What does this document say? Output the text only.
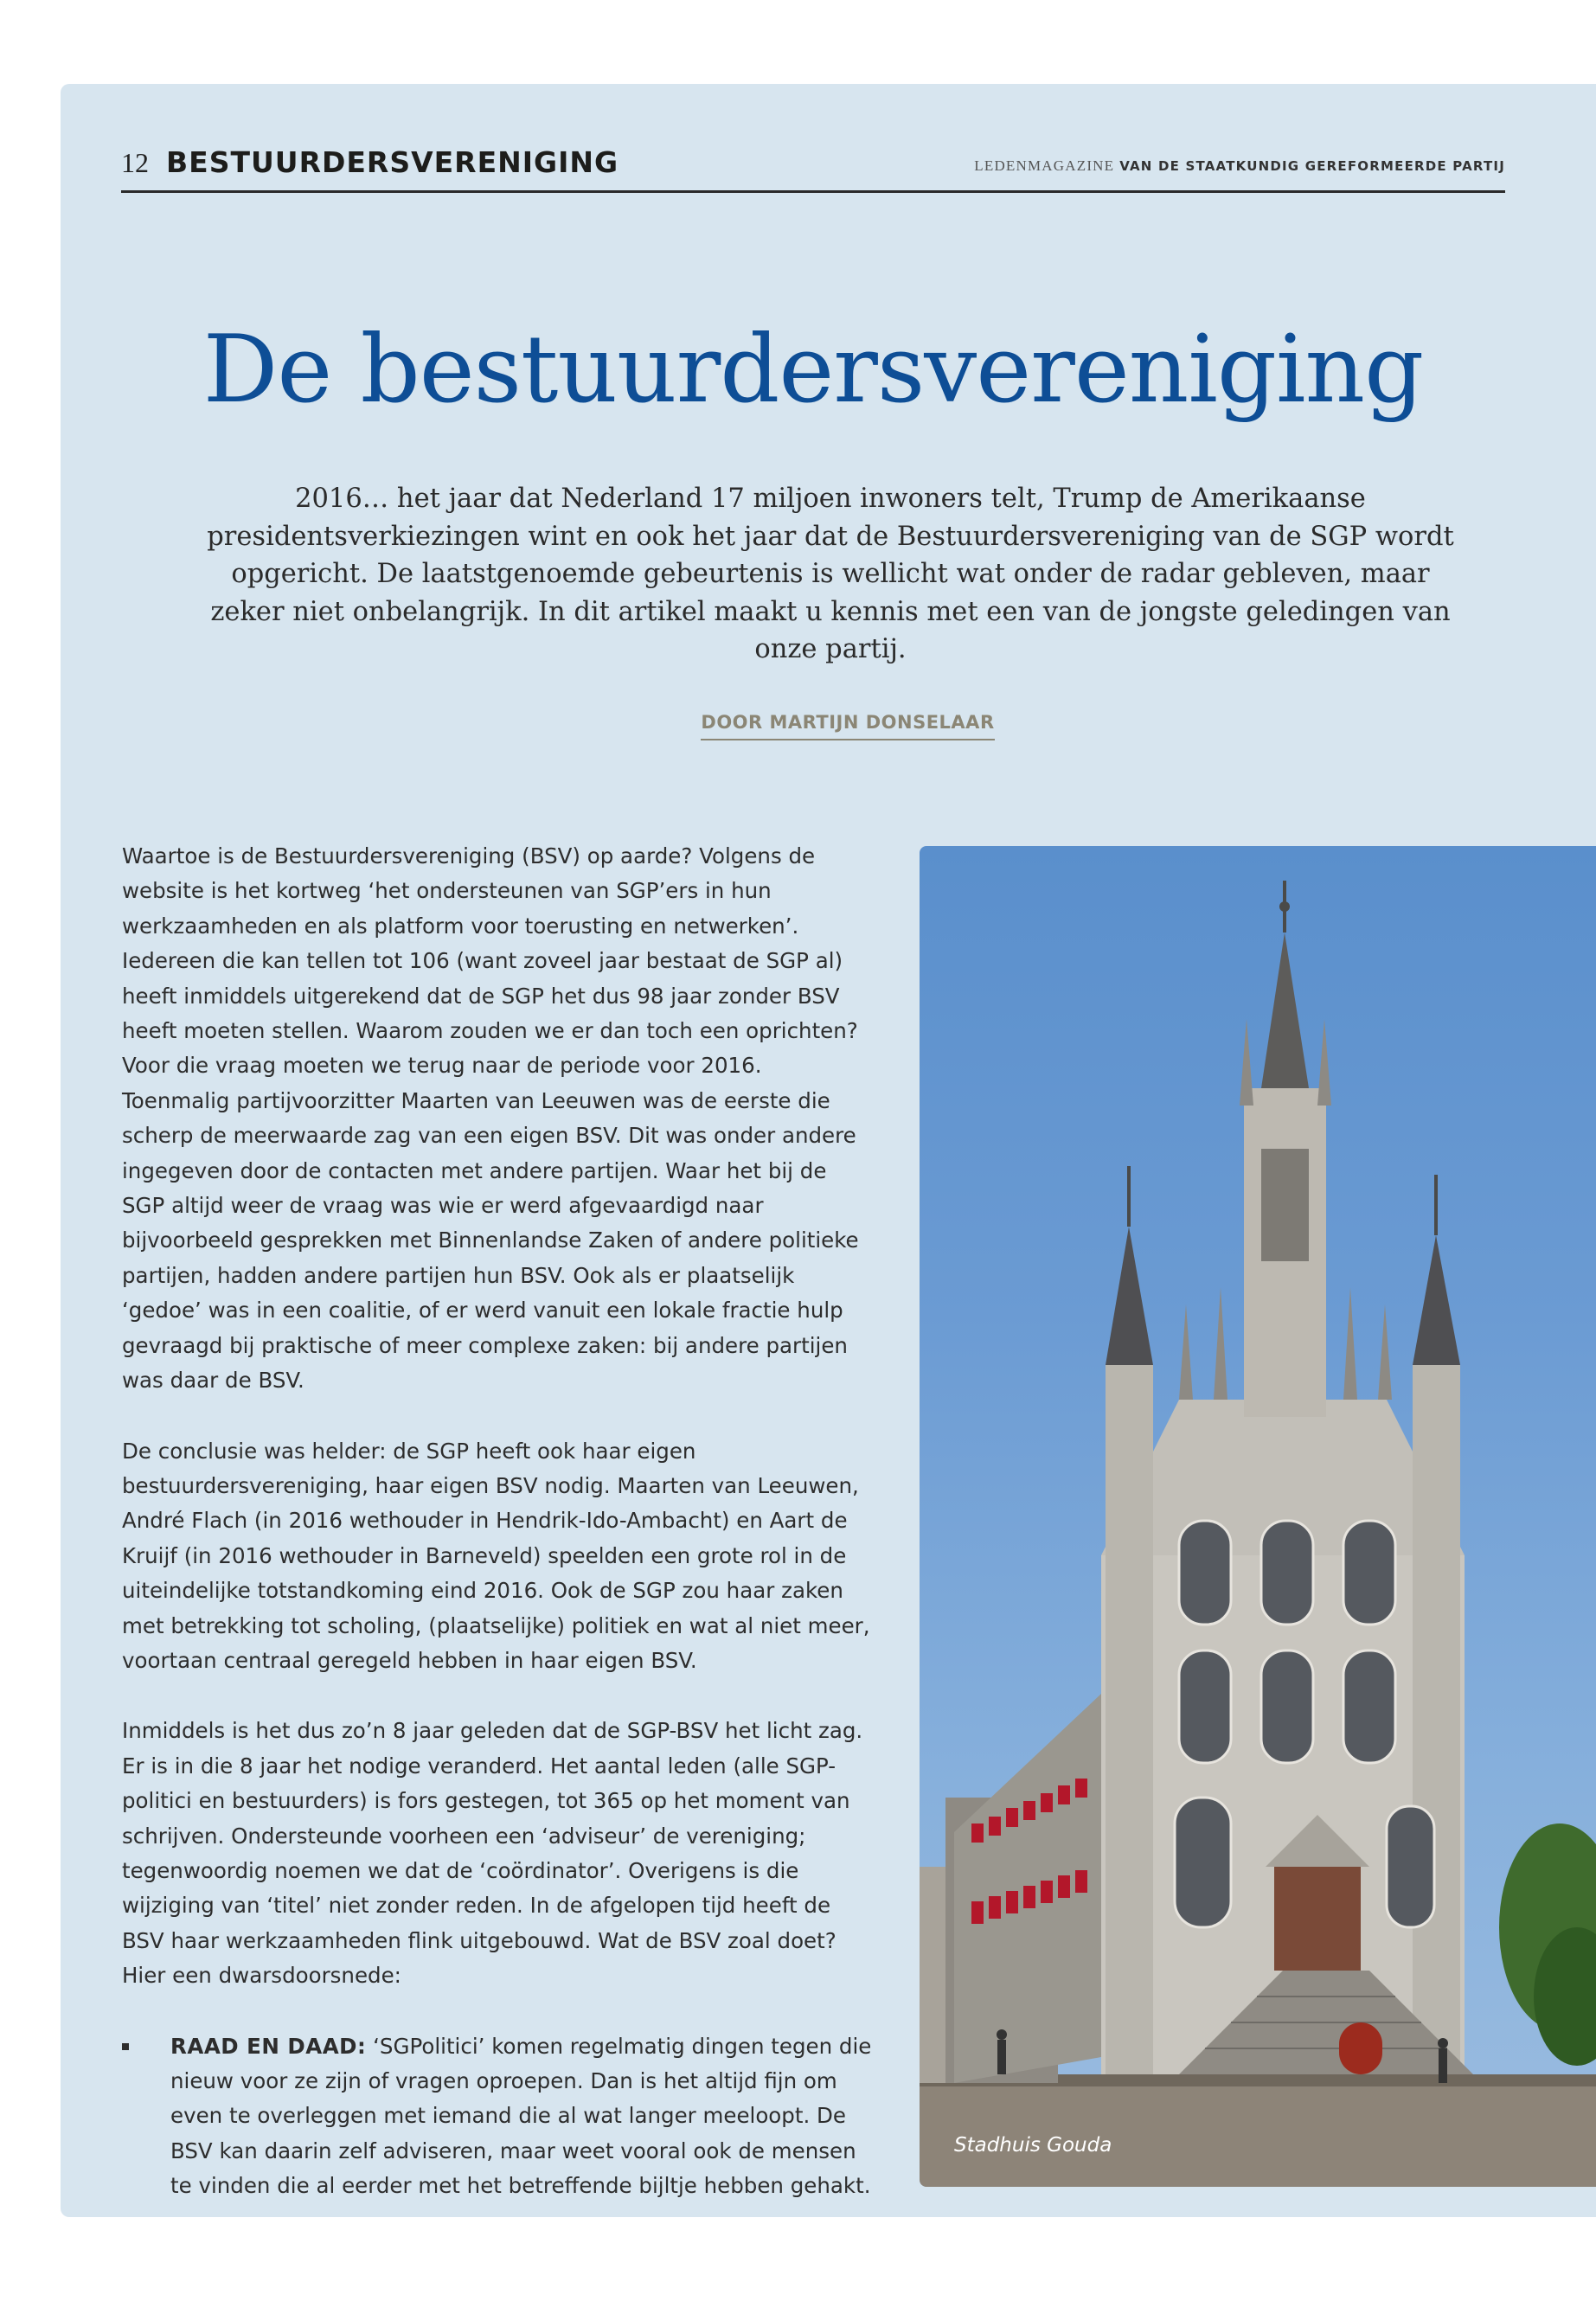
12 BESTUURDERSVERENIGING	LEDENMAGAZINE VAN DE STAATKUNDIG GEREFORMEERDE PARTIJ
De bestuurdersvereniging
2016… het jaar dat Nederland 17 miljoen inwoners telt, Trump de Amerikaanse presidentsverkiezingen wint en ook het jaar dat de Bestuurdersvereniging van de SGP wordt opgericht. De laatstgenoemde gebeurtenis is wellicht wat onder de radar gebleven, maar zeker niet onbelangrijk. In dit artikel maakt u kennis met een van de jongste geledingen van onze partij.
DOOR MARTIJN DONSELAAR

Waartoe is de Bestuurdersvereniging (BSV) op aarde? Volgens de website is het kortweg ‘het ondersteunen van SGP’ers in hun werkzaamheden en als platform voor toerusting en netwerken’. Iedereen die kan tellen tot 106 (want zoveel jaar bestaat de SGP al) heeft inmiddels uitgerekend dat de SGP het dus 98 jaar zonder BSV heeft moeten stellen. Waarom zouden we er dan toch een oprichten? Voor die vraag moeten we terug naar de periode voor 2016. Toenmalig partijvoorzitter Maarten van Leeuwen was de eerste die scherp de meerwaarde zag van een eigen BSV. Dit was onder andere ingegeven door de contacten met andere partijen. Waar het bij de SGP altijd weer de vraag was wie er werd afgevaardigd naar bijvoorbeeld gesprekken met Binnenlandse Zaken of andere politieke partijen, hadden andere partijen hun BSV. Ook als er plaatselijk ‘gedoe’ was in een coalitie, of er werd vanuit een lokale fractie hulp gevraagd bij praktische of meer complexe zaken: bij andere partijen was daar de BSV.

De conclusie was helder: de SGP heeft ook haar eigen bestuurdersvereniging, haar eigen BSV nodig. Maarten van Leeuwen, André Flach (in 2016 wethouder in Hendrik-Ido-Ambacht) en Aart de Kruijf (in 2016 wethouder in Barneveld) speelden een grote rol in de uiteindelijke totstandkoming eind 2016. Ook de SGP zou haar zaken met betrekking tot scholing, (plaatselijke) politiek en wat al niet meer, voortaan centraal geregeld hebben in haar eigen BSV.

Inmiddels is het dus zo’n 8 jaar geleden dat de SGP-BSV het licht zag. Er is in die 8 jaar het nodige veranderd. Het aantal leden (alle SGP-politici en bestuurders) is fors gestegen, tot 365 op het moment van schrijven. Ondersteunde voorheen een ‘adviseur’ de vereniging; tegenwoordig noemen we dat de ‘coördinator’. Overigens is die wijziging van ‘titel’ niet zonder reden. In de afgelopen tijd heeft de BSV haar werkzaamheden flink uitgebouwd. Wat de BSV zoal doet? Hier een dwarsdoorsnede:

RAAD EN DAAD: ‘SGPoliticі’ komen regelmatig dingen tegen die nieuw voor ze zijn of vragen oproepen. Dan is het altijd fijn om even te overleggen met iemand die al wat langer meeloopt. De BSV kan daarin zelf adviseren, maar weet vooral ook de mensen te vinden die al eerder met het betreffende bijltje hebben gehakt.
Stadhuis Gouda
